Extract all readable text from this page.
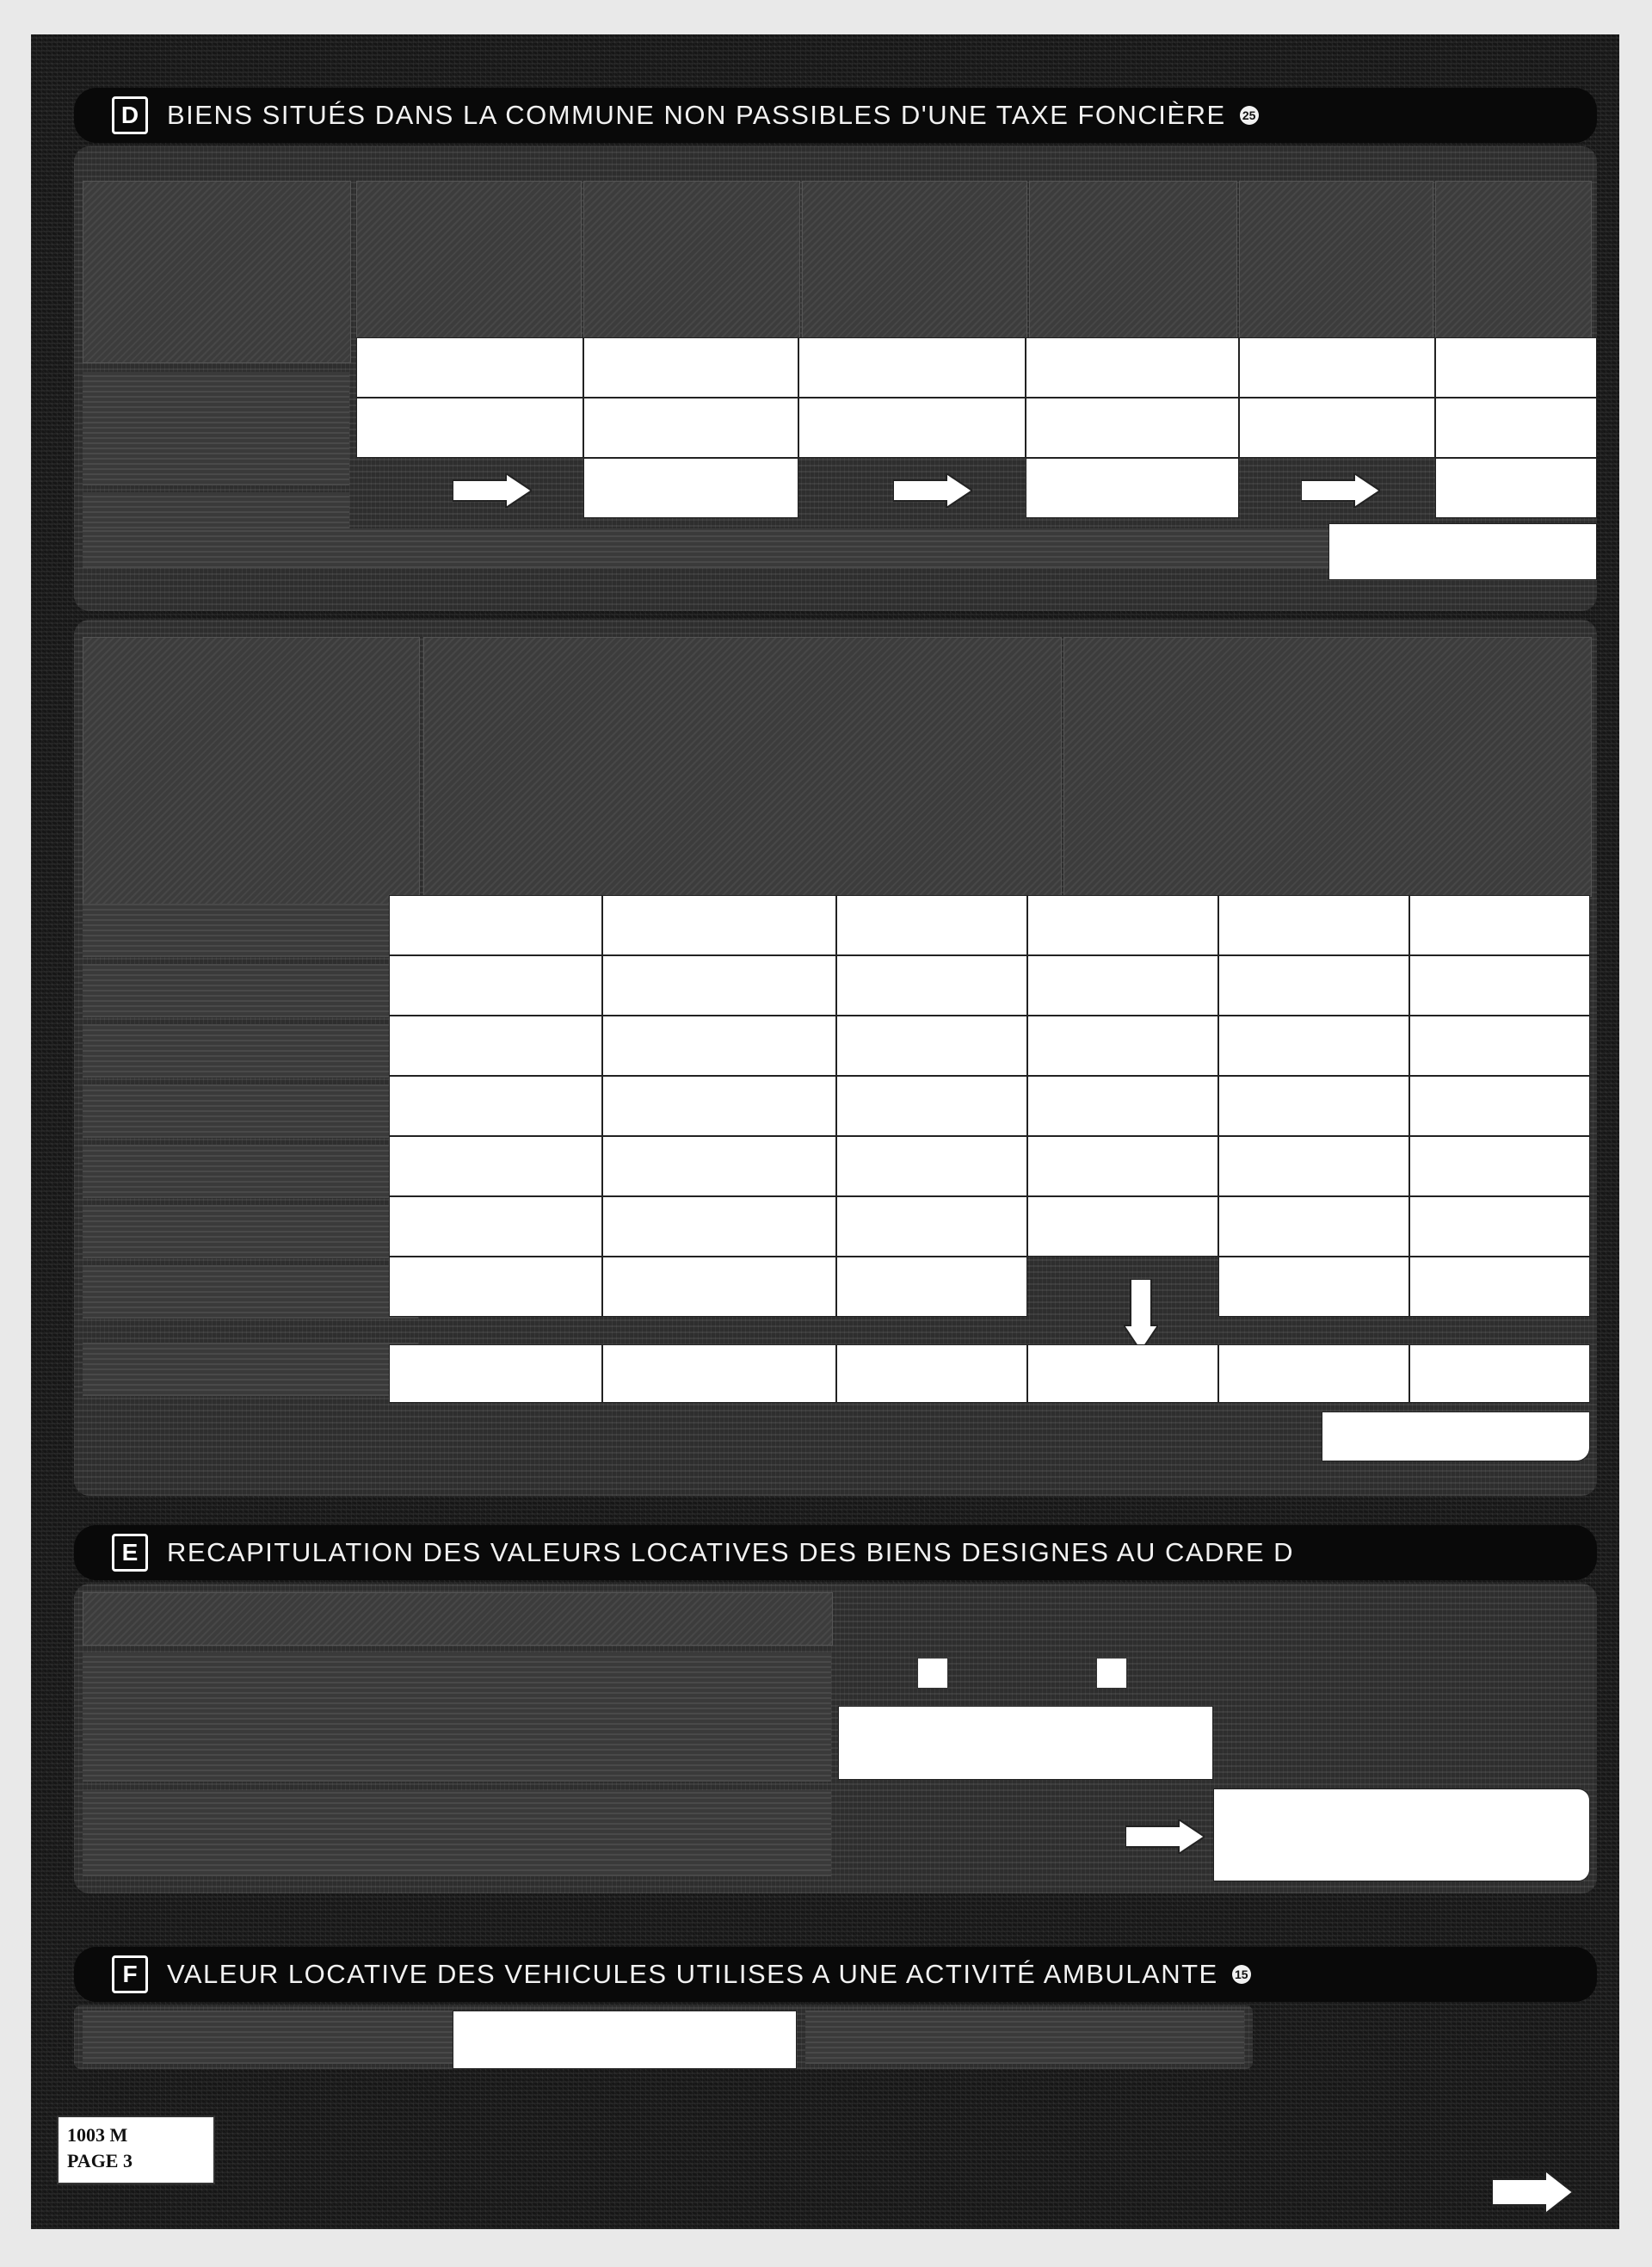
D	BIENS SITUÉS DANS LA COMMUNE NON PASSIBLES D'UNE TAXE FONCIÈRE 25
E	RECAPITULATION DES VALEURS LOCATIVES DES BIENS DESIGNES AU CADRE D
F	VALEUR LOCATIVE DES VEHICULES UTILISES A UNE ACTIVITÉ AMBULANTE 15
1003 M
PAGE 3
